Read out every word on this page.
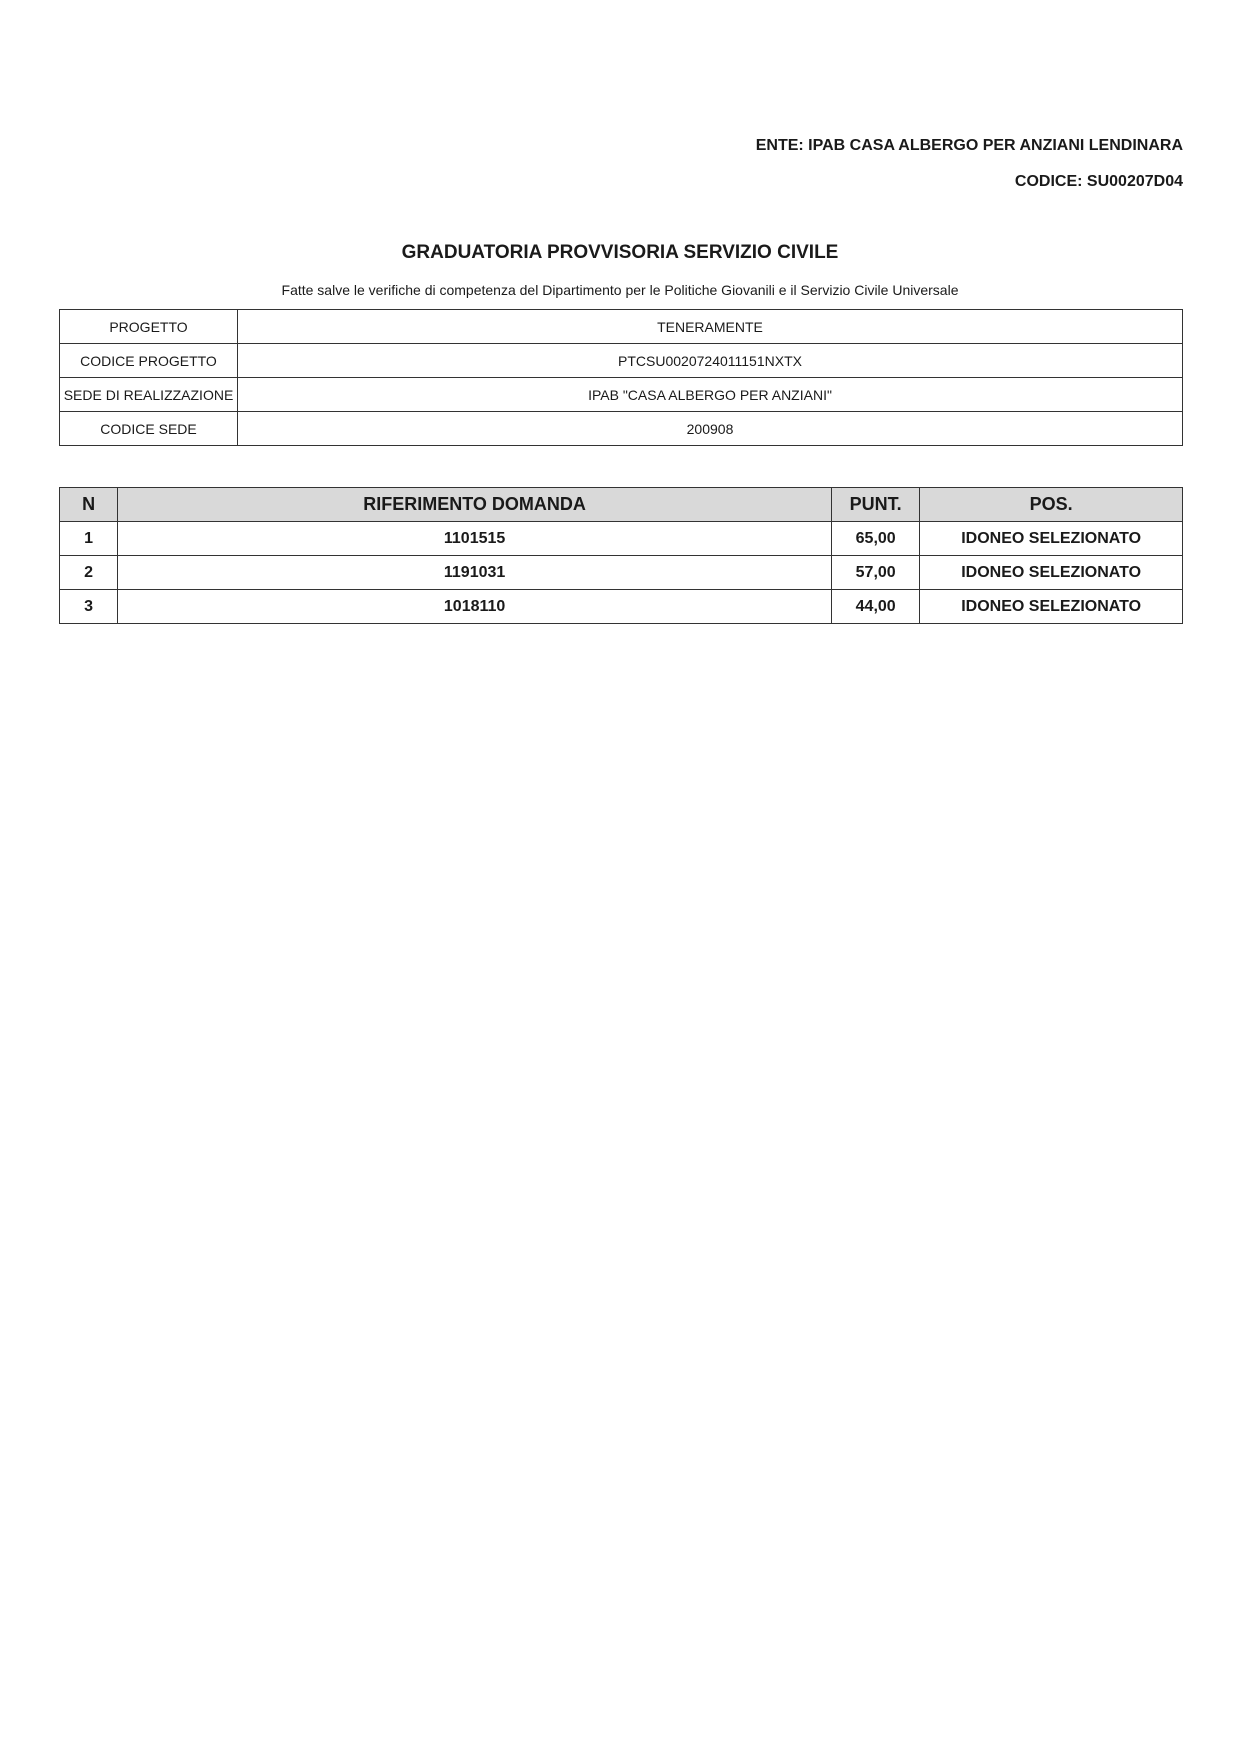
ENTE: IPAB CASA ALBERGO PER ANZIANI LENDINARA
CODICE: SU00207D04
GRADUATORIA PROVVISORIA SERVIZIO CIVILE
Fatte salve le verifiche di competenza del Dipartimento per le Politiche Giovanili e il Servizio Civile Universale
PROGETTO	TENERAMENTE
CODICE PROGETTO	PTCSU0020724011151NXTX
SEDE DI REALIZZAZIONE	IPAB "CASA ALBERGO PER ANZIANI"
CODICE SEDE	200908
N	RIFERIMENTO DOMANDA	PUNT.	POS.
1	1101515	65,00	IDONEO SELEZIONATO
2	1191031	57,00	IDONEO SELEZIONATO
3	1018110	44,00	IDONEO SELEZIONATO
